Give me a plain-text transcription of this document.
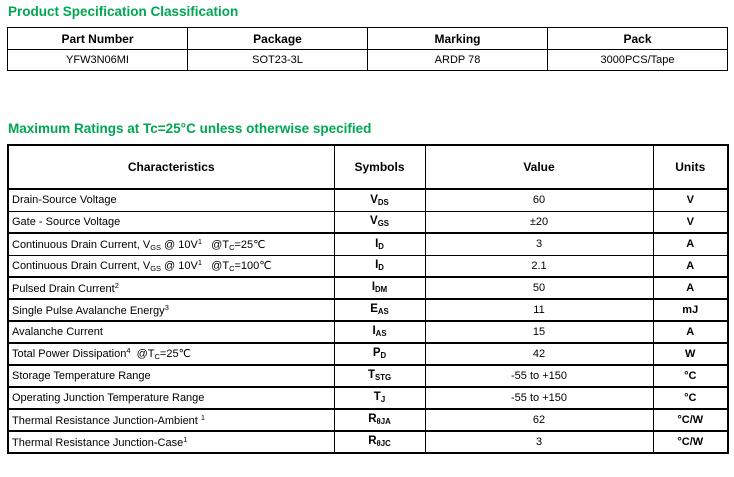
Product Specification Classification
Part Number	Package	Marking	Pack
YFW3N06MI	SOT23-3L	ARDP 78	3000PCS/Tape
Maximum Ratings at Tc=25°C unless otherwise specified
Characteristics	Symbols	Value	Units
Drain-Source Voltage	$V_{DS}$	60	V
Gate - Source Voltage	$V_{GS}$	±20	V
Continuous Drain Current, $V_{GS}$ @ $10V^1$   $@T_C=25℃$	$I_D$	3	A
Continuous Drain Current, $V_{GS}$ @ $10V^1$   $@T_C=100℃$	$I_D$	2.1	A
Pulsed Drain Current$^2$	$I_{DM}$	50	A
Single Pulse Avalanche Energy$^3$	$E_{AS}$	11	mJ
Avalanche Current	$I_{AS}$	15	A
Total Power Dissipation$^4$  $@T_C=25℃$	$P_D$	42	W
Storage Temperature Range	$T_{STG}$	-55 to +150	°C
Operating Junction Temperature Range	$T_J$	-55 to +150	°C
Thermal Resistance Junction-Ambient $^1$	$R_{\theta JA}$	62	°C/W
Thermal Resistance Junction-Case$^1$	$R_{\theta JC}$	3	°C/W
